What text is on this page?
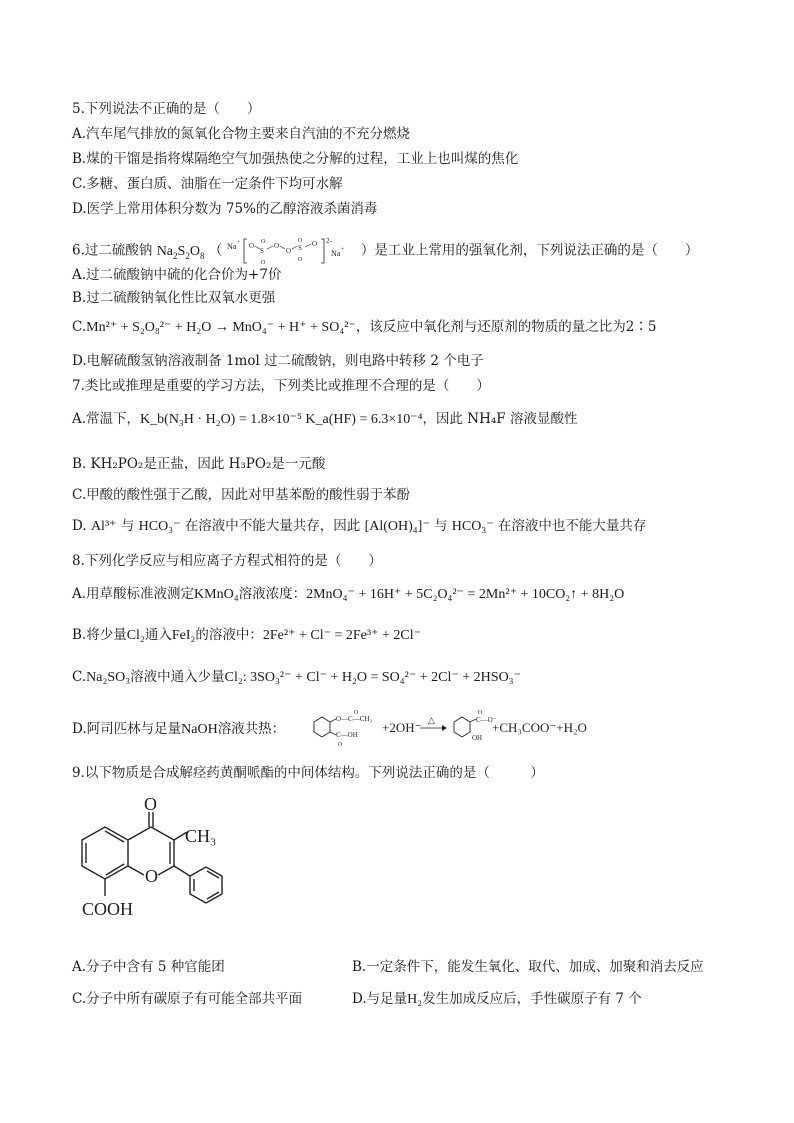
5.下列说法不正确的是（　　）
A.汽车尾气排放的氮氧化合物主要来自汽油的不充分燃烧
B.煤的干馏是指将煤隔绝空气加强热使之分解的过程，工业上也叫煤的焦化
C.多糖、蛋白质、油脂在一定条件下均可水解
D.医学上常用体积分数为 75%的乙醇溶液杀菌消毒
6.过二硫酸钠 $Na_2S_2O_8$ （ Na + O
S
O
O
O
O S
O
O
O 2-
Na + ）是工业上常用的强氧化剂，下列说法正确的是（　　）
A.过二硫酸钠中硫的化合价为+7价
B.过二硫酸钠氧化性比双氧水更强
C.Mn²⁺ + S₂O₈²⁻ + H₂O → MnO₄⁻ + H⁺ + SO₄²⁻，该反应中氧化剂与还原剂的物质的量之比为2∶5
D.电解硫酸氢钠溶液制备 1mol 过二硫酸钠，则电路中转移 2 个电子
7.类比或推理是重要的学习方法，下列类比或推理不合理的是（　　）
A.常温下，K_b(N₃H · H₂O) = 1.8×10⁻⁵ K_a(HF) = 6.3×10⁻⁴，因此 NH₄F 溶液显酸性
B. KH₂PO₂是正盐，因此 H₃PO₂是一元酸
C.甲酸的酸性强于乙酸，因此对甲基苯酚的酸性弱于苯酚
D. Al³⁺ 与 HCO₃⁻ 在溶液中不能大量共存，因此 [Al(OH)₄]⁻ 与 HCO₃⁻ 在溶液中也不能大量共存
8.下列化学反应与相应离子方程式相符的是（　　）
A.用草酸标准液测定KMnO₄溶液浓度：2MnO₄⁻ + 16H⁺ + 5C₂O₄²⁻ = 2Mn²⁺ + 10CO₂↑ + 8H₂O
B.将少量Cl₂通入FeI₂的溶液中：2Fe²⁺ + Cl⁻ = 2Fe³⁺ + 2Cl⁻
C.Na₂SO₃溶液中通入少量Cl₂: 3SO₃²⁻ + Cl⁻ + H₂O = SO₄²⁻ + 2Cl⁻ + 2HSO₃⁻
D.阿司匹林与足量NaOH溶液共热：
O—C—CH₃
O
C—OH
O
+2OH⁻ △
O
C—O⁻
OH
+CH₃COO⁻+H₂O
9.以下物质是合成解痉药黄酮哌酯的中间体结构。下列说法正确的是（　　　）
O
O
CH₃
COOH
A.分子中含有 5 种官能团	B.一定条件下，能发生氧化、取代、加成、加聚和消去反应
C.分子中所有碳原子有可能全部共平面	D.与足量H₂发生加成反应后，手性碳原子有 7 个
